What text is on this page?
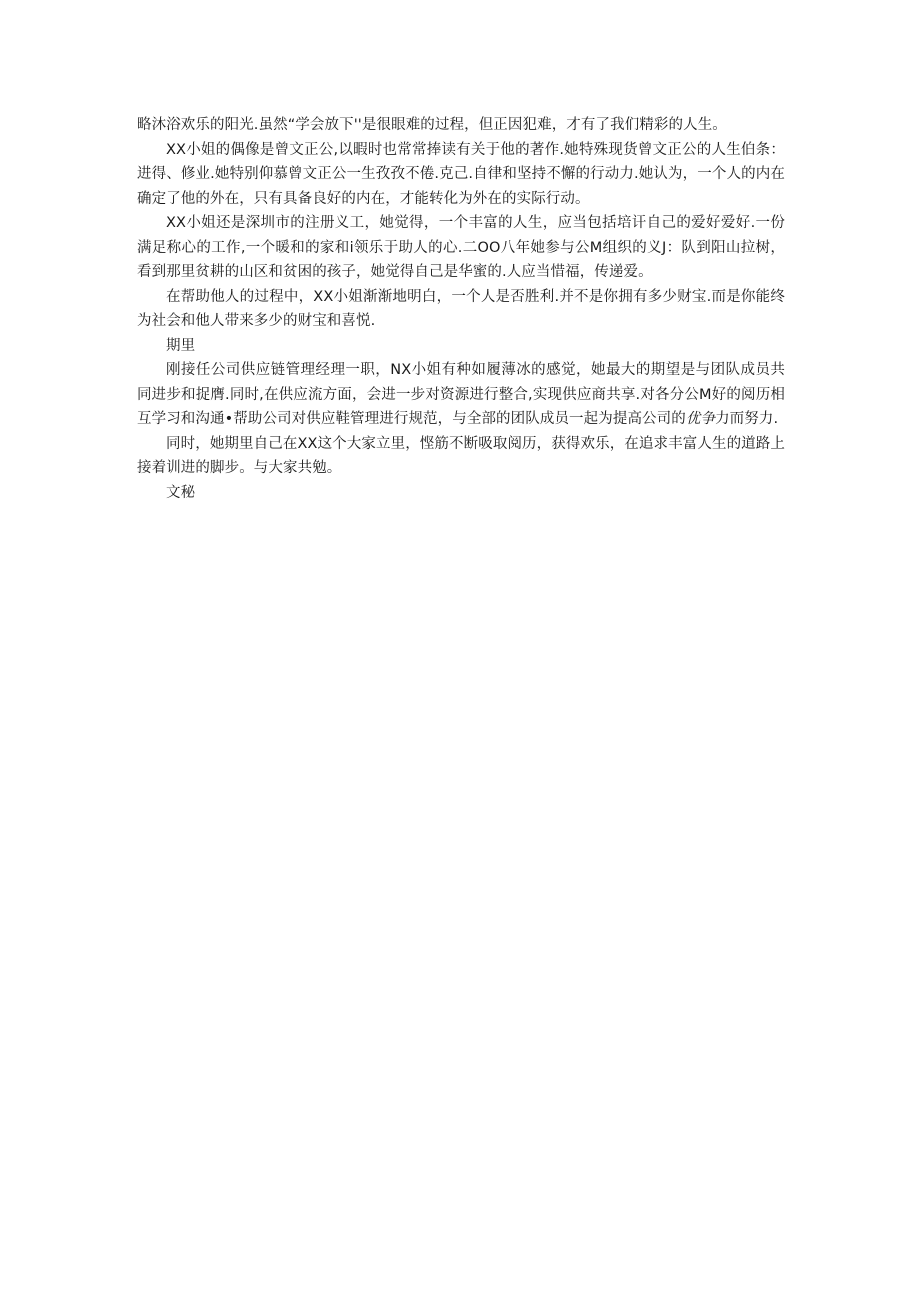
略沐浴欢乐的阳光.虽然“学会放下''是很眼难的过程，但正因犯难，才有了我们精彩的人生。

XX小姐的偶像是曾文正公,以暇时也常常捧读有关于他的著作.她特殊现货曾文正公的人生伯条：进得、修业.她特别仰慕曾文正公一生孜孜不倦.克己.自律和坚持不懈的行动力.她认为，一个人的内在确定了他的外在，只有具备良好的内在，才能转化为外在的实际行动。

XX小姐还是深圳市的注册义工，她觉得，一个丰富的人生，应当包括培讦自己的爱好爱好.一份满足称心的工作,一个暖和的家和i领乐于助人的心.二OO八年她参与公M组织的义J：队到阳山拉树，看到那里贫耕的山区和贫困的孩子，她觉得自己是华蜜的.人应当惜福，传递爱。

在帮助他人的过程中，XX小姐渐渐地明白，一个人是否胜利.并不是你拥有多少财宝.而是你能终为社会和他人带来多少的财宝和喜悦.

期里

刚接任公司供应链管理经理一职，NX小姐有种如履薄冰的感觉，她最大的期望是与团队成员共同进步和捉膺.同时,在供应流方面，会进一步对资源进行整合,实现供应商共享.对各分公M好的阅历相互学习和沟通•帮助公司对供应鞋管理进行规范，与全部的团队成员一起为提高公司的优争力而努力.

同时，她期里自己在XX这个大家立里，悭筋不断吸取阅历，获得欢乐，在追求丰富人生的道路上接着训进的脚步。与大家共勉。

文秘
